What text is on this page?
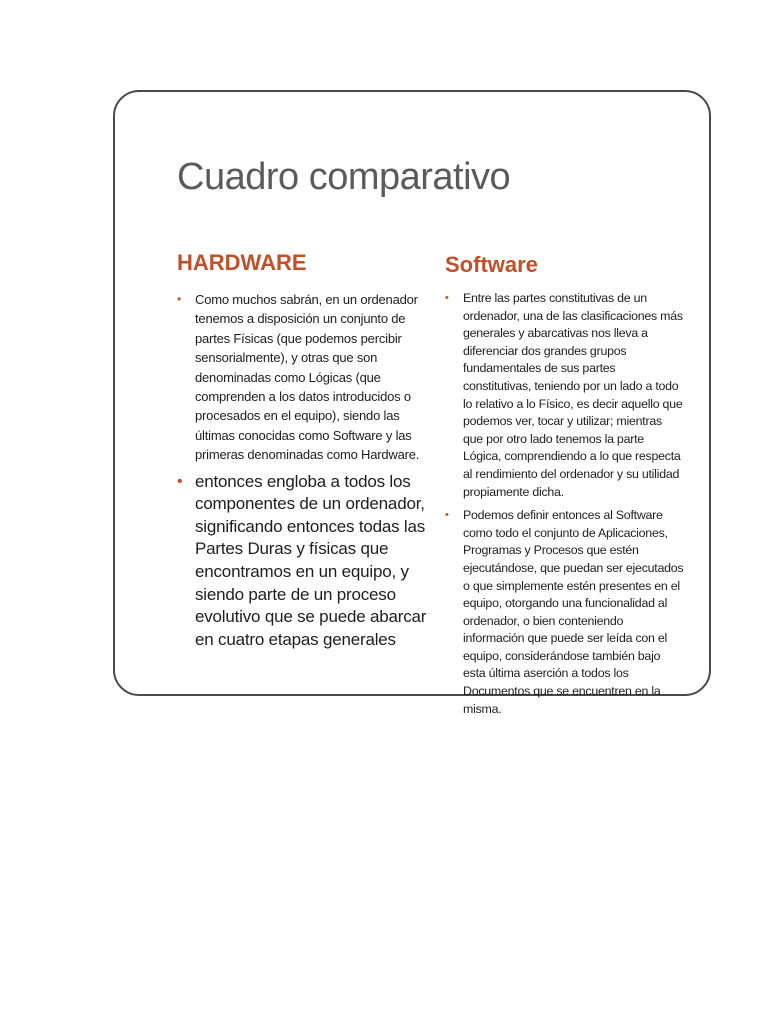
Cuadro comparativo
HARDWARE
• Como muchos sabrán, en un ordenador tenemos a disposición un conjunto de partes Físicas (que podemos percibir sensorialmente), y otras que son denominadas como Lógicas (que comprenden a los datos introducidos o procesados en el equipo), siendo las últimas conocidas como Software y las primeras denominadas como Hardware.
• entonces engloba a todos los componentes de un ordenador, significando entonces todas las Partes Duras y físicas que encontramos en un equipo, y siendo parte de un proceso evolutivo que se puede abarcar en cuatro etapas generales
Software
• Entre las partes constitutivas de un ordenador, una de las clasificaciones más generales y abarcativas nos lleva a diferenciar dos grandes grupos fundamentales de sus partes constitutivas, teniendo por un lado a todo lo relativo a lo Físico, es decir aquello que podemos ver, tocar y utilizar; mientras que por otro lado tenemos la parte Lógica, comprendiendo a lo que respecta al rendimiento del ordenador y su utilidad propiamente dicha.
• Podemos definir entonces al Software como todo el conjunto de Aplicaciones, Programas y Procesos que estén ejecutándose, que puedan ser ejecutados o que simplemente estén presentes en el equipo, otorgando una funcionalidad al ordenador, o bien conteniendo información que puede ser leída con el equipo, considerándose también bajo esta última aserción a todos los Documentos que se encuentren en la misma.
